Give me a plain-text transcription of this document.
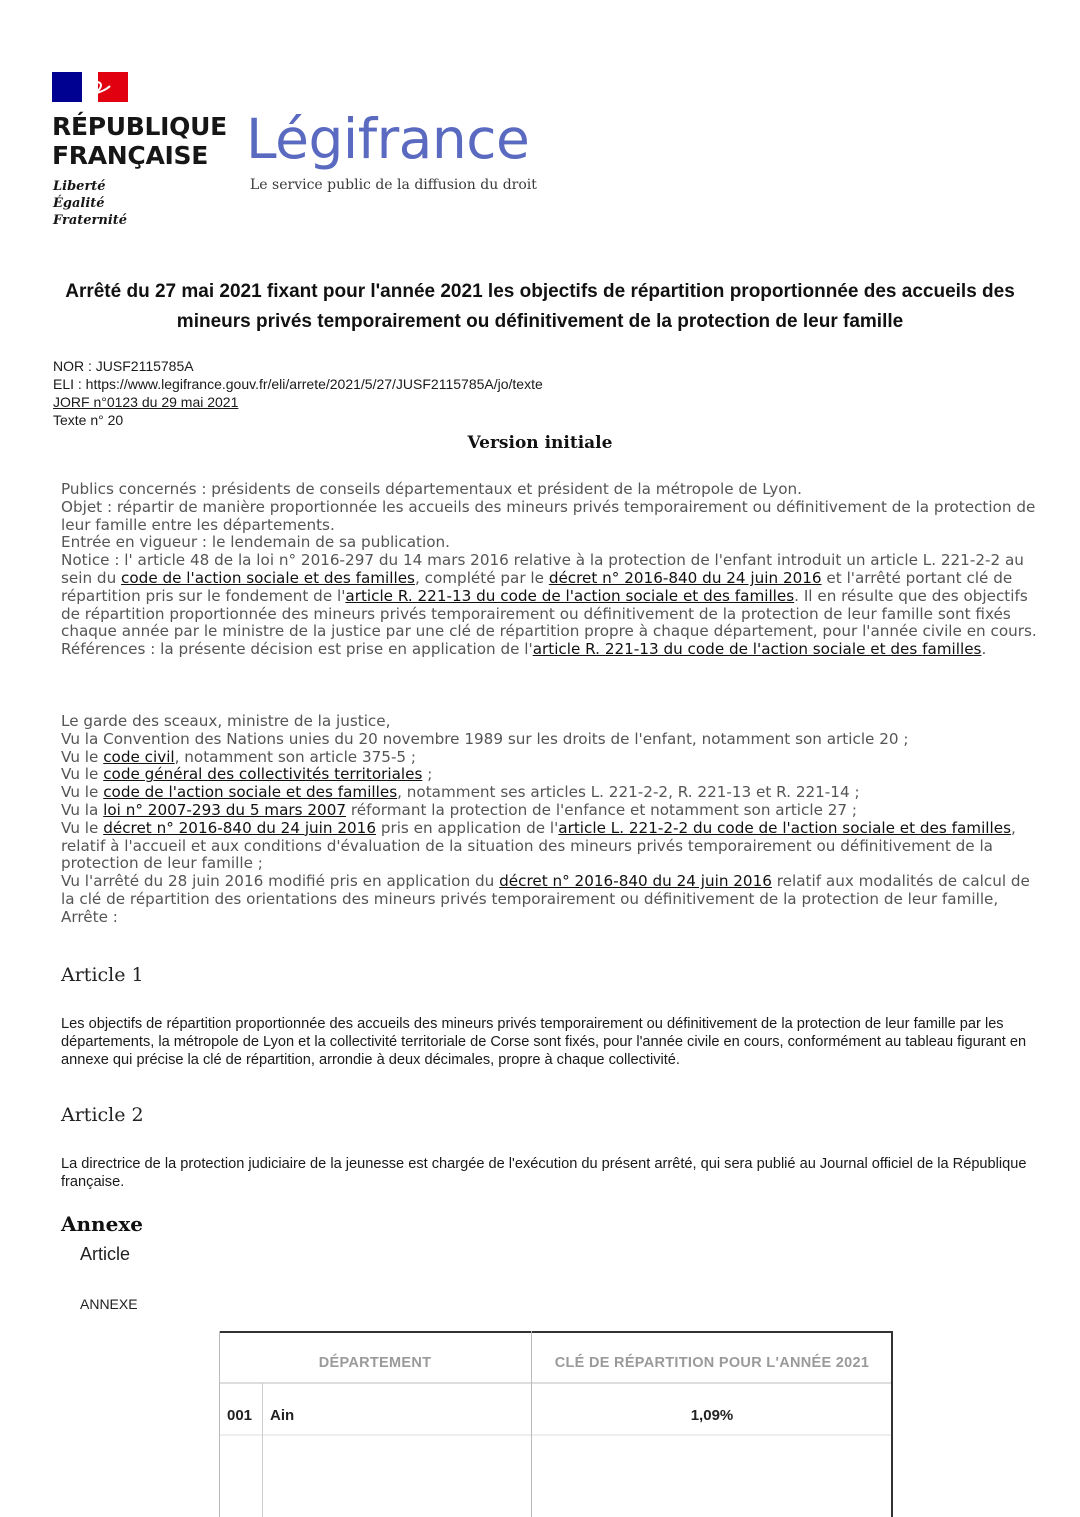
RÉPUBLIQUE FRANÇAISE
Liberté
Égalité
Fraternité
Légifrance
Le service public de la diffusion du droit
Arrêté du 27 mai 2021 fixant pour l'année 2021 les objectifs de répartition proportionnée des accueils des mineurs privés temporairement ou définitivement de la protection de leur famille
NOR : JUSF2115785A
ELI : https://www.legifrance.gouv.fr/eli/arrete/2021/5/27/JUSF2115785A/jo/texte
JORF n°0123 du 29 mai 2021
Texte n° 20
Version initiale

Publics concernés : présidents de conseils départementaux et président de la métropole de Lyon.

Objet : répartir de manière proportionnée les accueils des mineurs privés temporairement ou définitivement de la protection de leur famille entre les départements.

Entrée en vigueur : le lendemain de sa publication.

Notice : l' article 48 de la loi n° 2016-297 du 14 mars 2016 relative à la protection de l'enfant introduit un article L. 221-2-2 au sein du code de l'action sociale et des familles, complété par le décret n° 2016-840 du 24 juin 2016 et l'arrêté portant clé de répartition pris sur le fondement de l'article R. 221-13 du code de l'action sociale et des familles. Il en résulte que des objectifs de répartition proportionnée des mineurs privés temporairement ou définitivement de la protection de leur famille sont fixés chaque année par le ministre de la justice par une clé de répartition propre à chaque département, pour l'année civile en cours.

Références : la présente décision est prise en application de l'article R. 221-13 du code de l'action sociale et des familles.

Le garde des sceaux, ministre de la justice,

Vu la Convention des Nations unies du 20 novembre 1989 sur les droits de l'enfant, notamment son article 20 ;

Vu le code civil, notamment son article 375-5 ;

Vu le code général des collectivités territoriales ;

Vu le code de l'action sociale et des familles, notamment ses articles L. 221-2-2, R. 221-13 et R. 221-14 ;

Vu la loi n° 2007-293 du 5 mars 2007 réformant la protection de l'enfance et notamment son article 27 ;

Vu le décret n° 2016-840 du 24 juin 2016 pris en application de l'article L. 221-2-2 du code de l'action sociale et des familles, relatif à l'accueil et aux conditions d'évaluation de la situation des mineurs privés temporairement ou définitivement de la protection de leur famille ;

Vu l'arrêté du 28 juin 2016 modifié pris en application du décret n° 2016-840 du 24 juin 2016 relatif aux modalités de calcul de la clé de répartition des orientations des mineurs privés temporairement ou définitivement de la protection de leur famille,

Arrête :

Article 1
Les objectifs de répartition proportionnée des accueils des mineurs privés temporairement ou définitivement de la protection de leur famille par les départements, la métropole de Lyon et la collectivité territoriale de Corse sont fixés, pour l'année civile en cours, conformément au tableau figurant en annexe qui précise la clé de répartition, arrondie à deux décimales, propre à chaque collectivité.
Article 2
La directrice de la protection judiciaire de la jeunesse est chargée de l'exécution du présent arrêté, qui sera publié au Journal officiel de la République française.
Annexe
Article
ANNEXE
DÉPARTEMENT	CLÉ DE RÉPARTITION POUR L'ANNÉE 2021
001 Ain	1,09%
